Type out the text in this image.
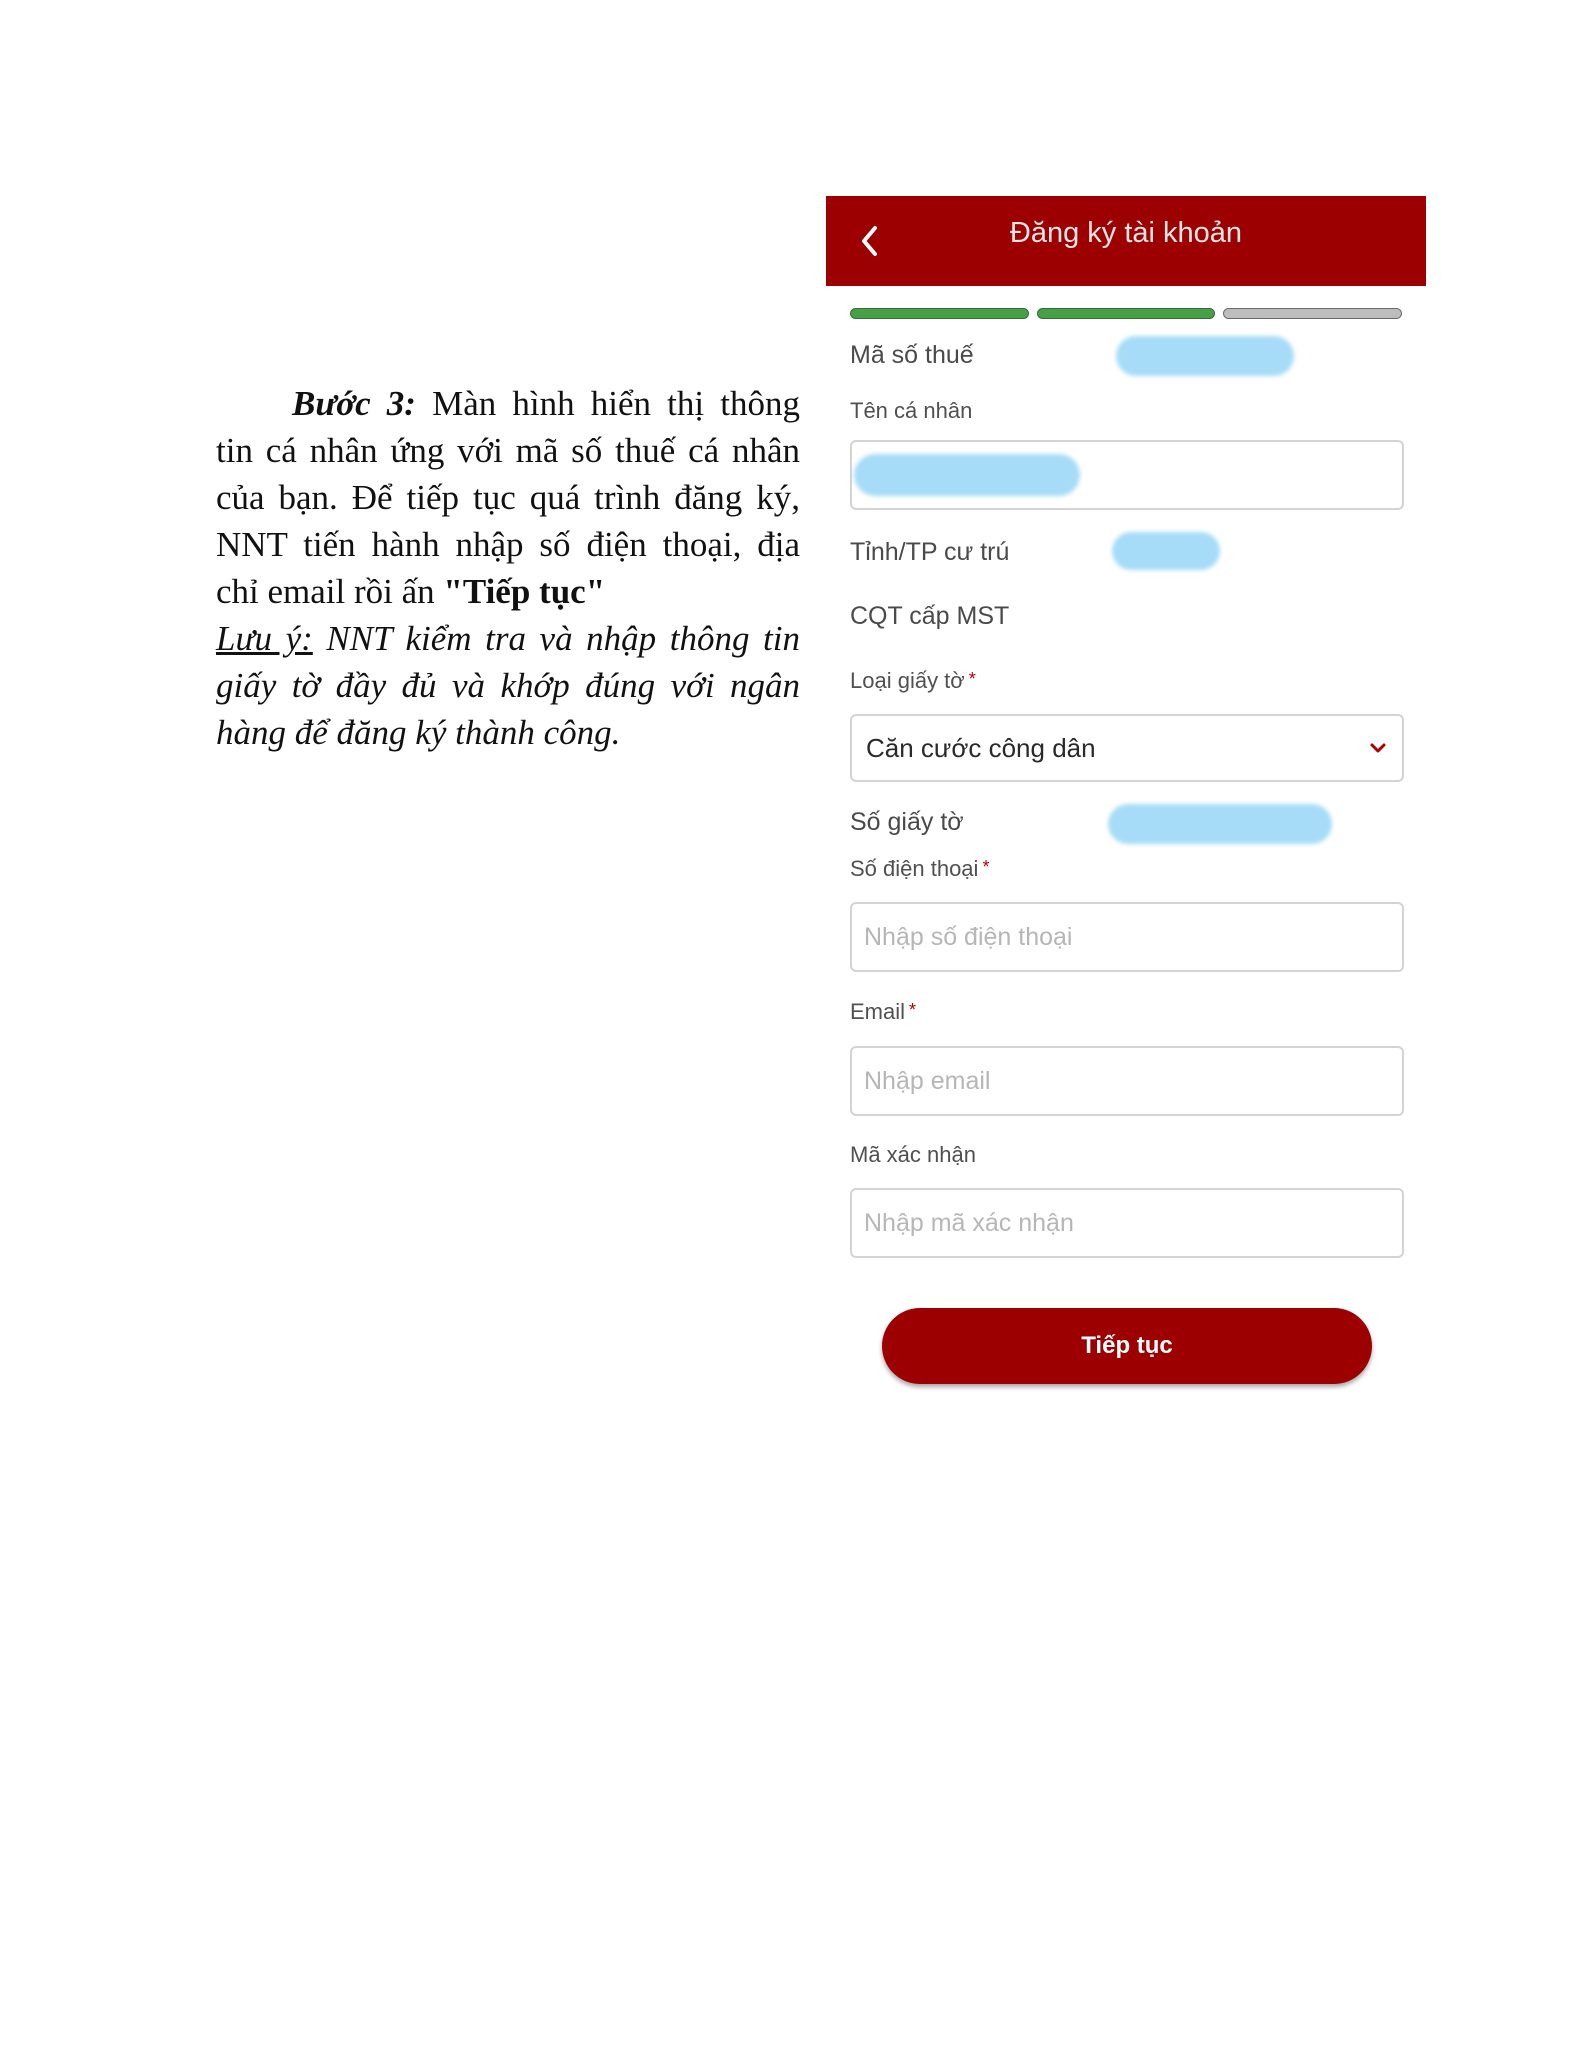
Bước 3: Màn hình hiển thị thông tin cá nhân ứng với mã số thuế cá nhân của bạn. Để tiếp tục quá trình đăng ký, NNT tiến hành nhập số điện thoại, địa chỉ email rồi ấn "Tiếp tục"

Lưu ý: NNT kiểm tra và nhập thông tin giấy tờ đầy đủ và khớp đúng với ngân hàng để đăng ký thành công.

Đăng ký tài khoản
Mã số thuế
Tên cá nhân
Tỉnh/TP cư trú
CQT cấp MST
Loại giấy tờ *
Căn cước công dân
Số giấy tờ
Số điện thoại *
Nhập số điện thoại
Email *
Nhập email
Mã xác nhận
Nhập mã xác nhận
Tiếp tục
